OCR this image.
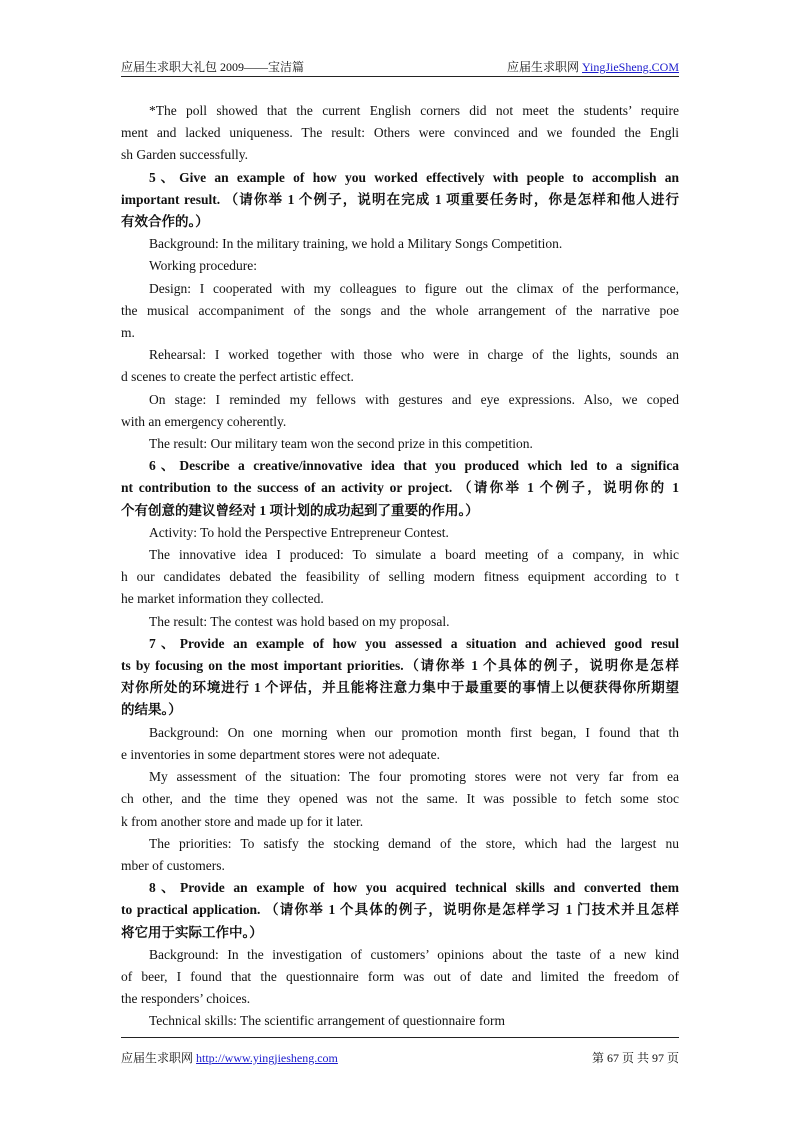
应届生求职大礼包 2009——宝洁篇	应届生求职网 YingJieSheng.COM

*The poll showed that the current English corners did not meet the students’ require

ment and lacked uniqueness. The result: Others were convinced and we founded the Engli

sh Garden successfully.

5、Give an example of how you worked effectively with people to accomplish an

important result. （请你举 1 个例子，说明在完成 1 项重要任务时，你是怎样和他人进行

有效合作的。）

Background: In the military training, we hold a Military Songs Competition.

Working procedure:

Design: I cooperated with my colleagues to figure out the climax of the performance,

the musical accompaniment of the songs and the whole arrangement of the narrative poe

m.

Rehearsal: I worked together with those who were in charge of the lights, sounds an

d scenes to create the perfect artistic effect.

On stage: I reminded my fellows with gestures and eye expressions. Also, we coped

with an emergency coherently.

The result: Our military team won the second prize in this competition.

6、Describe a creative/innovative idea that you produced which led to a significa

nt contribution to the success of an activity or project. （请你举 1 个例子，说明你的 1

个有创意的建议曾经对 1 项计划的成功起到了重要的作用。）

Activity: To hold the Perspective Entrepreneur Contest.

The innovative idea I produced: To simulate a board meeting of a company, in whic

h our candidates debated the feasibility of selling modern fitness equipment according to t

he market information they collected.

The result: The contest was hold based on my proposal.

7、Provide an example of how you assessed a situation and achieved good resul

ts by focusing on the most important priorities.（请你举 1 个具体的例子，说明你是怎样

对你所处的环境进行 1 个评估，并且能将注意力集中于最重要的事情上以便获得你所期望

的结果。）

Background: On one morning when our promotion month first began, I found that th

e inventories in some department stores were not adequate.

My assessment of the situation: The four promoting stores were not very far from ea

ch other, and the time they opened was not the same. It was possible to fetch some stoc

k from another store and made up for it later.

The priorities: To satisfy the stocking demand of the store, which had the largest nu

mber of customers.

8、Provide an example of how you acquired technical skills and converted them

to practical application. （请你举 1 个具体的例子，说明你是怎样学习 1 门技术并且怎样

将它用于实际工作中。）

Background: In the investigation of customers’ opinions about the taste of a new kind

of beer, I found that the questionnaire form was out of date and limited the freedom of

the responders’ choices.

Technical skills: The scientific arrangement of questionnaire form

应届生求职网 http://www.yingjiesheng.com	第 67 页 共 97 页
